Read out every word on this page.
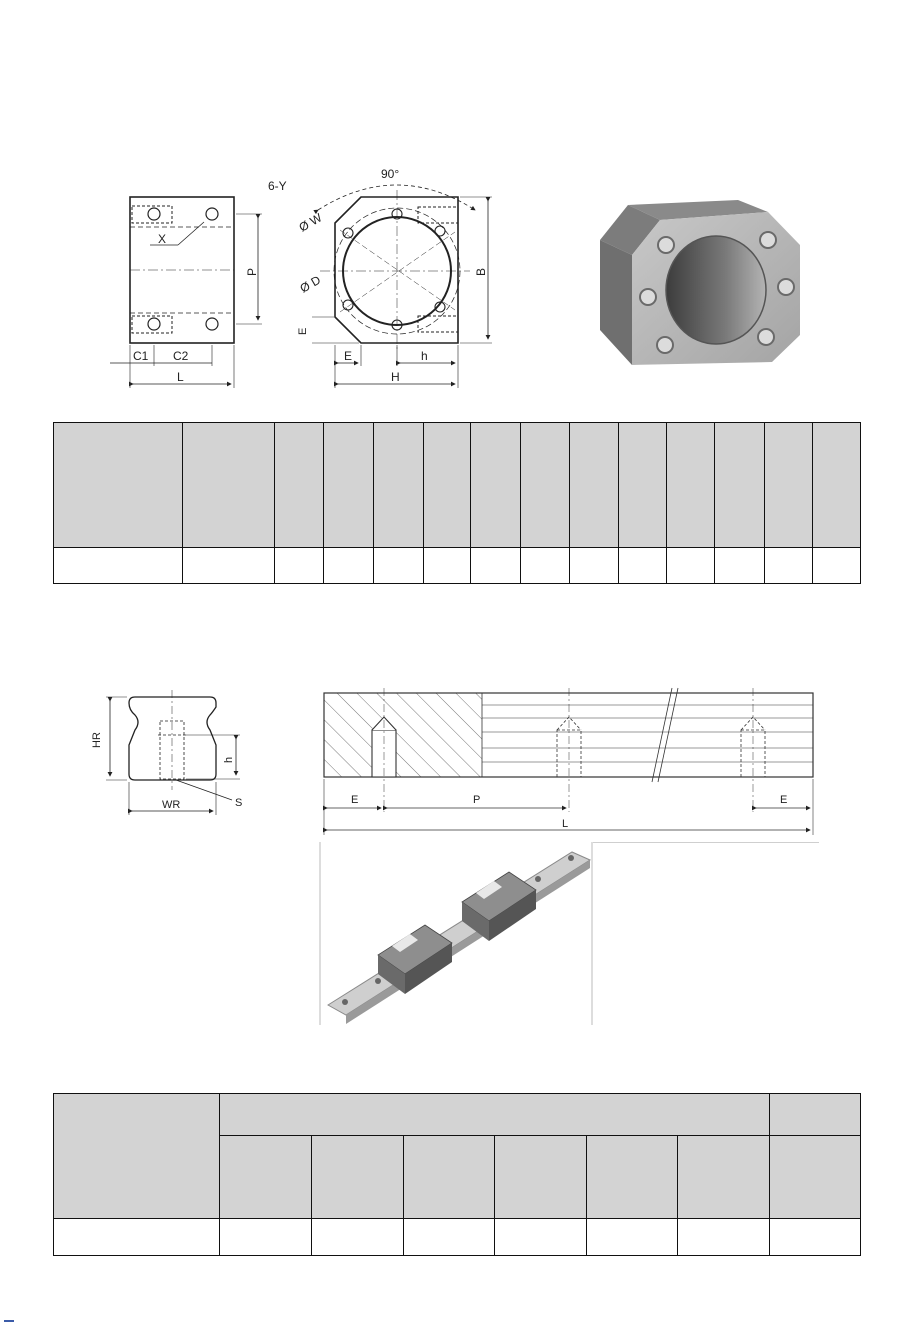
X
P
C1 C2
L
6-Y
90°
Ø W
Ø D
E
B
E	h
H

HR
h
S
WR	E	P	E
L
